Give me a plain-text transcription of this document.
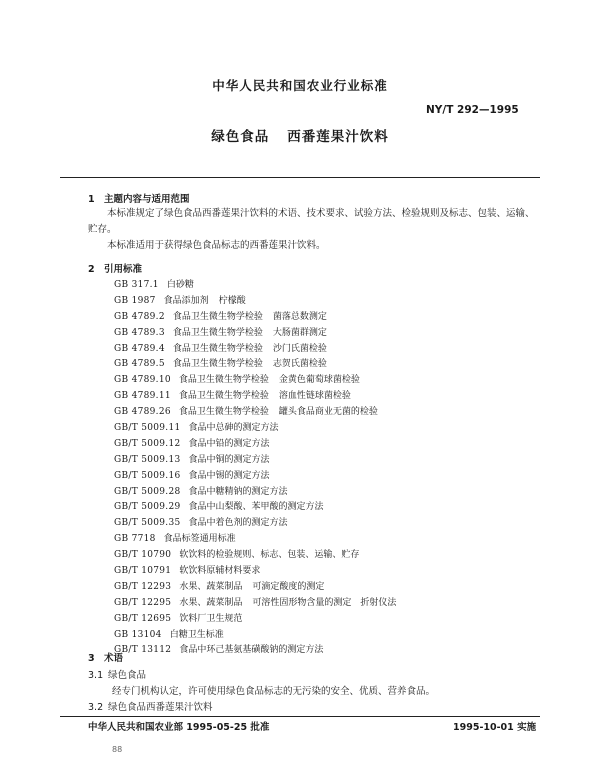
中华人民共和国农业行业标准
NY/T 292—1995
绿色食品 西番莲果汁饮料
1 主题内容与适用范围
本标准规定了绿色食品西番莲果汁饮料的术语、技术要求、试验方法、检验规则及标志、包装、运输、贮存。
本标准适用于获得绿色食品标志的西番莲果汁饮料。
2 引用标准
GB 317.1 白砂糖
GB 1987 食品添加剂 柠檬酸
GB 4789.2 食品卫生微生物学检验 菌落总数测定
GB 4789.3 食品卫生微生物学检验 大肠菌群测定
GB 4789.4 食品卫生微生物学检验 沙门氏菌检验
GB 4789.5 食品卫生微生物学检验 志贺氏菌检验
GB 4789.10 食品卫生微生物学检验 金黄色葡萄球菌检验
GB 4789.11 食品卫生微生物学检验 溶血性链球菌检验
GB 4789.26 食品卫生微生物学检验 罐头食品商业无菌的检验
GB/T 5009.11 食品中总砷的测定方法
GB/T 5009.12 食品中铅的测定方法
GB/T 5009.13 食品中铜的测定方法
GB/T 5009.16 食品中锡的测定方法
GB/T 5009.28 食品中糖精钠的测定方法
GB/T 5009.29 食品中山梨酸、苯甲酸的测定方法
GB/T 5009.35 食品中着色剂的测定方法
GB 7718 食品标签通用标准
GB/T 10790 软饮料的检验规则、标志、包装、运输、贮存
GB/T 10791 软饮料原辅材料要求
GB/T 12293 水果、蔬菜制品 可滴定酸度的测定
GB/T 12295 水果、蔬菜制品 可溶性固形物含量的测定　折射仪法
GB/T 12695 饮料厂卫生规范
GB 13104 白糖卫生标准
GB/T 13112 食品中环己基氨基磺酸钠的测定方法
3 术语
3.1 绿色食品
经专门机构认定，许可使用绿色食品标志的无污染的安全、优质、营养食品。
3.2 绿色食品西番莲果汁饮料
中华人民共和国农业部 1995-05-25 批准	1995-10-01 实施
88
